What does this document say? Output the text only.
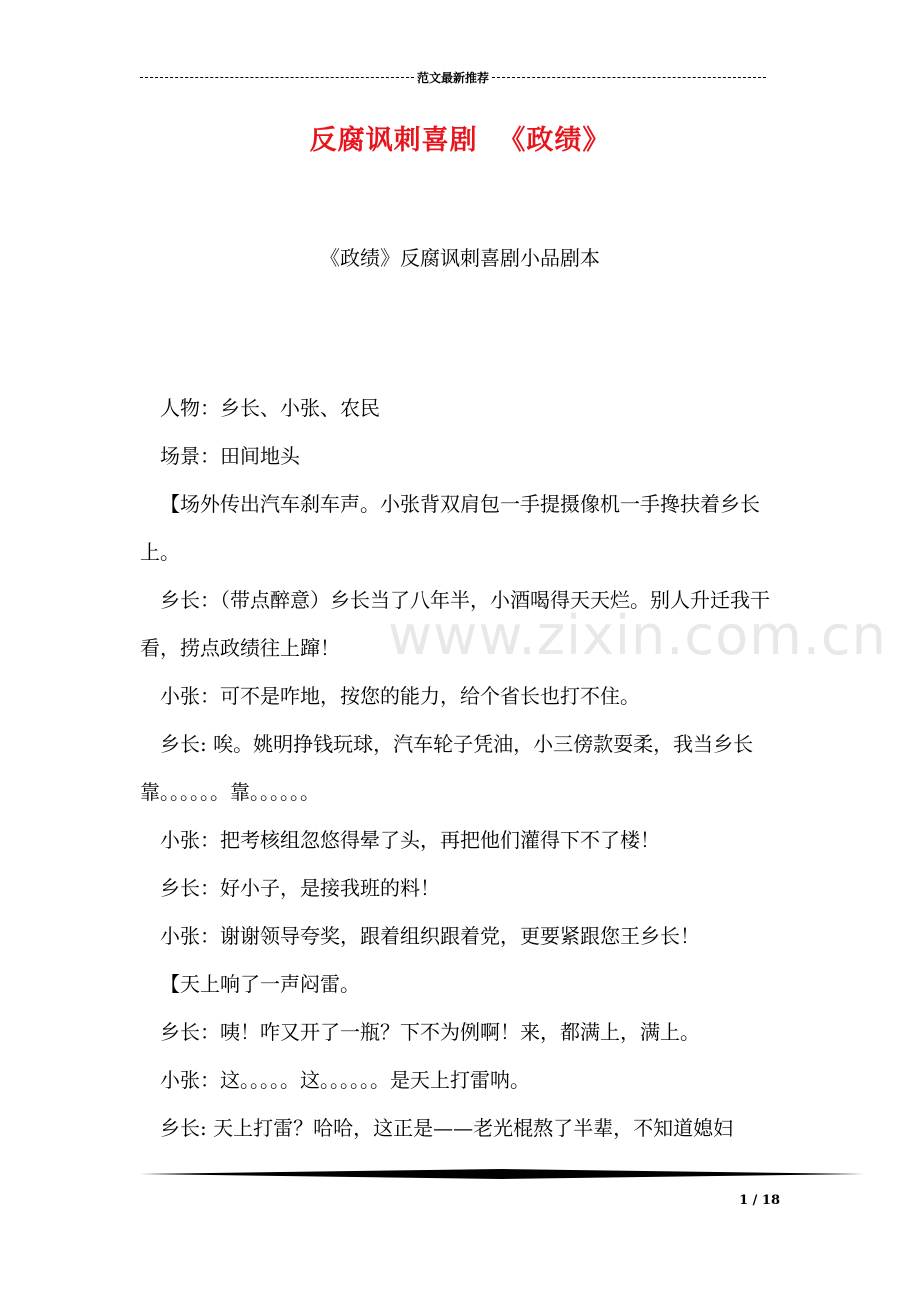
范文最新推荐
反腐讽刺喜剧  《政绩》
《政绩》反腐讽刺喜剧小品剧本
www.zixin.com.cn

人物：乡长、小张、农民

场景：田间地头

【场外传出汽车刹车声。小张背双肩包一手提摄像机一手搀扶着乡长上。

乡长：（带点醉意）乡长当了八年半，小酒喝得天天烂。别人升迁我干看，捞点政绩往上蹿！

小张：可不是咋地，按您的能力，给个省长也打不住。

乡长: 唉。姚明挣钱玩球，汽车轮子凭油，小三傍款耍柔，我当乡长靠。。。。。。靠。。。。。。

小张：把考核组忽悠得晕了头，再把他们灌得下不了楼！

乡长：好小子，是接我班的料！

小张：谢谢领导夸奖，跟着组织跟着党，更要紧跟您王乡长！

【天上响了一声闷雷。

乡长：咦！咋又开了一瓶？下不为例啊！来，都满上，满上。

小张：这。。。。。这。。。。。。是天上打雷呐。

乡长: 天上打雷？哈哈，这正是——老光棍熬了半辈，不知道媳妇

1 / 18
